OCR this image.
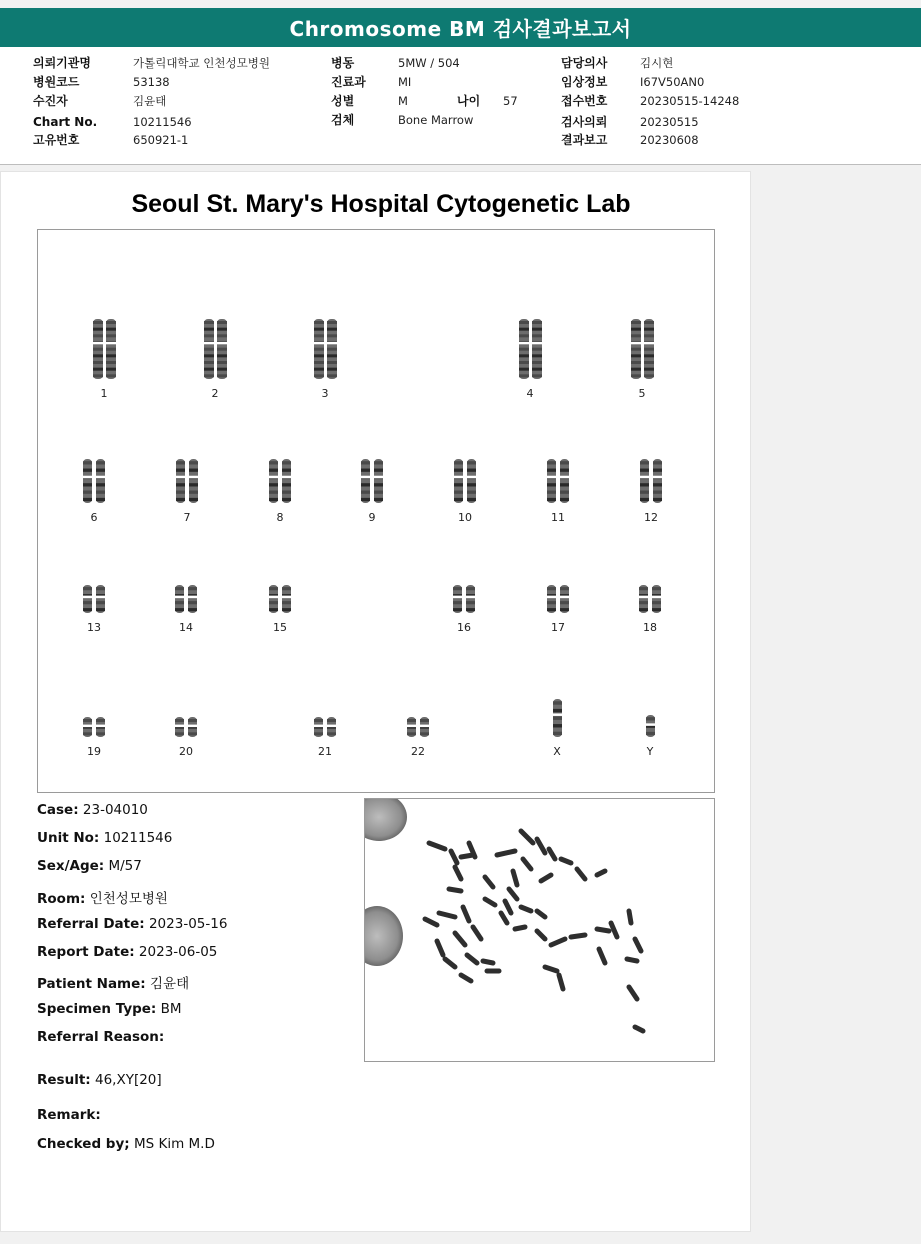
Chromosome BM 검사결과보고서
의뢰기관명	가톨릭대학교 인천성모병원
병원코드	53138
수진자	김윤태
Chart No.	10211546
고유번호	650921-1
병동	5MW / 504
진료과	MI
성별	M	나이 57
검체	Bone Marrow
담당의사	김시현
임상정보	I67V50AN0
접수번호	20230515-14248
검사의뢰	20230515
결과보고	20230608
Seoul St. Mary's Hospital Cytogenetic Lab
1	2	3	4	5
6	7	8	9	10	11	12
13	14	15	16	17	18
19	20	21	22	X	Y
Case: 23-04010
Unit No: 10211546
Sex/Age: M/57
Room: 인천성모병원
Referral Date: 2023-05-16
Report Date: 2023-06-05
Patient Name: 김윤태
Specimen Type: BM
Referral Reason:
Result: 46,XY[20]
Remark:
Checked by; MS Kim M.D
